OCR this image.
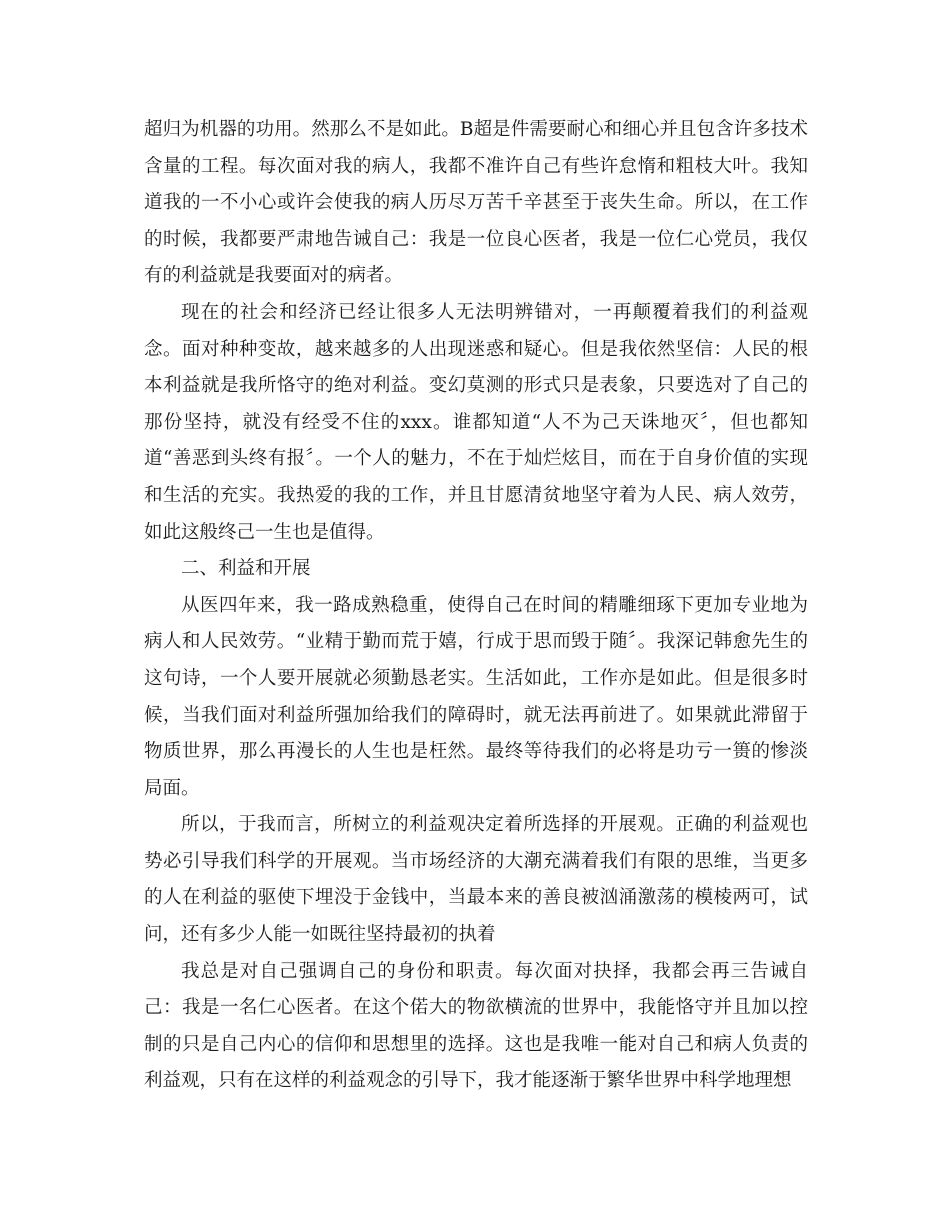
超归为机器的功用。然那么不是如此。B超是件需要耐心和细心并且包含许多技术含量的工程。每次面对我的病人，我都不准许自己有些许怠惰和粗枝大叶。我知道我的一不小心或许会使我的病人历尽万苦千辛甚至于丧失生命。所以，在工作的时候，我都要严肃地告诫自己：我是一位良心医者，我是一位仁心党员，我仅有的利益就是我要面对的病者。

现在的社会和经济已经让很多人无法明辨错对，一再颠覆着我们的利益观念。面对种种变故，越来越多的人出现迷惑和疑心。但是我依然坚信：人民的根本利益就是我所恪守的绝对利益。变幻莫测的形式只是表象，只要选对了自己的那份坚持，就没有经受不住的xxx。谁都知道“人不为己天诛地灭〞，但也都知道“善恶到头终有报〞。一个人的魅力，不在于灿烂炫目，而在于自身价值的实现和生活的充实。我热爱的我的工作，并且甘愿清贫地坚守着为人民、病人效劳，如此这般终己一生也是值得。

二、利益和开展

从医四年来，我一路成熟稳重，使得自己在时间的精雕细琢下更加专业地为病人和人民效劳。“业精于勤而荒于嬉，行成于思而毁于随〞。我深记韩愈先生的这句诗，一个人要开展就必须勤恳老实。生活如此，工作亦是如此。但是很多时候，当我们面对利益所强加给我们的障碍时，就无法再前进了。如果就此滞留于物质世界，那么再漫长的人生也是枉然。最终等待我们的必将是功亏一篑的惨淡局面。

所以，于我而言，所树立的利益观决定着所选择的开展观。正确的利益观也势必引导我们科学的开展观。当市场经济的大潮充满着我们有限的思维，当更多的人在利益的驱使下埋没于金钱中，当最本来的善良被汹涌激荡的模棱两可，试问，还有多少人能一如既往坚持最初的执着

我总是对自己强调自己的身份和职责。每次面对抉择，我都会再三告诫自己：我是一名仁心医者。在这个偌大的物欲横流的世界中，我能恪守并且加以控制的只是自己内心的信仰和思想里的选择。这也是我唯一能对自己和病人负责的利益观，只有在这样的利益观念的引导下，我才能逐渐于繁华世界中科学地理想
